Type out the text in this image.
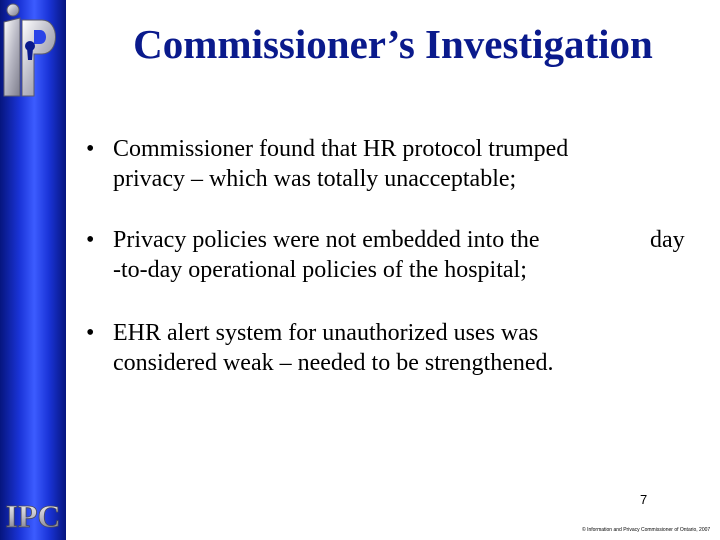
IPC
Commissioner’s Investigation
• Commissioner found that HR protocol trumped
privacy – which was totally unacceptable;
• Privacy policies were not embedded into the	day
-to-day operational policies of the hospital;
• EHR alert system for unauthorized uses was
considered weak – needed to be strengthened.
7
© Information and Privacy Commissioner of Ontario, 2007
